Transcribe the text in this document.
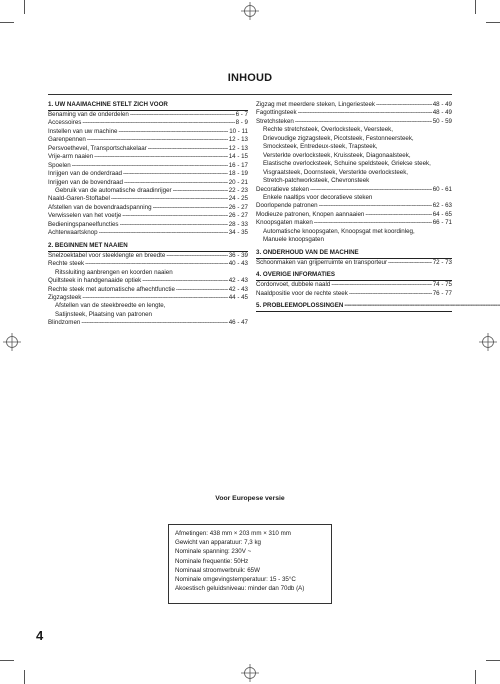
INHOUD
1. UW NAAIMACHINE STELT ZICH VOOR
Benaming van de onderdelen -----	6 - 7
Accessoires -----	8 - 9
Instellen van uw machine -----	10 - 11
Garenpennen -----	12 - 13
Persvoethevel, Transportschakelaar -----	12 - 13
Vrije-arm naaien -----	14 - 15
Spoelen -----	16 - 17
Inrijgen van de onderdraad -----	18 - 19
Inrijgen van de bovendraad -----	20 - 21
Gebruik van de automatische draadinrijger -----	22 - 23
Naald-Garen-Stoftabel -----	24 - 25
Afstellen van de bovendraadspanning -----	26 - 27
Verwisselen van het voetje -----	26 - 27
Bedieningspaneelfuncties -----	28 - 33
Achterwaartsknop -----	34 - 35
2. BEGINNEN MET NAAIEN
Snelzoektabel voor steeklengte en breedte -----	36 - 39
Rechte steek -----	40 - 43
Ritssluiting aanbrengen en koorden naaien
Quiltsteek in handgenaaide optiek -----	42 - 43
Rechte steek met automatische afhechtfunctie -----	42 - 43
Zigzagsteek -----	44 - 45
Afstellen van de steekbreedte en lengte,
Satijnsteek, Plaatsing van patronen
Blindzomen -----	46 - 47
Zigzag met meerdere steken, Lingeriesteek -----	48 - 49
Fagottingsteek -----	48 - 49
Stretchsteken -----	50 - 59
Rechte stretchsteek, Overlocksteek, Veersteek,
Drievoudige zigzagsteek, Picotsteek, Festonneersteek,
Smocksteek, Entredeux-steek, Trapsteek,
Versterkte overlocksteek, Kruissteek, Diagonaalsteek,
Elastische overlocksteek, Schuine speldsteek, Griekse steek,
Visgraatsteek, Doornsteek, Versterkte overlocksteek,
Stretch-patchworksteek, Chevronsteek
Decoratieve steken -----	60 - 61
Enkele naaltips voor decoratieve steken
Doorlopende patronen -----	62 - 63
Modieuze patronen, Knopen aannaaien -----	64 - 65
Knoopsgaten maken -----	66 - 71
Automatische knoopsgaten, Knoopsgat met koordinleg,
Manuele knoopsgaten
3. ONDERHOUD VAN DE MACHINE
Schoonmaken van grijperruimte en transporteur -----	72 - 73
4. OVERIGE INFORMATIES
Cordonvoet, dubbele naald -----	74 - 75
Naaldpositie voor de rechte steek -----	76 - 77
5. PROBLEEMOPLOSSINGEN -----
Voor Europese versie
Afmetingen: 438 mm × 203 mm × 310 mm
Gewicht van apparatuur: 7,3 kg
Nominale spanning: 230V ~
Nominale frequentie: 50Hz
Nominaal stroomverbruik: 65W
Nominale omgevingstemperatuur: 15 - 35°C
Akoestisch geluidsniveau: minder dan 70db (A)
4
